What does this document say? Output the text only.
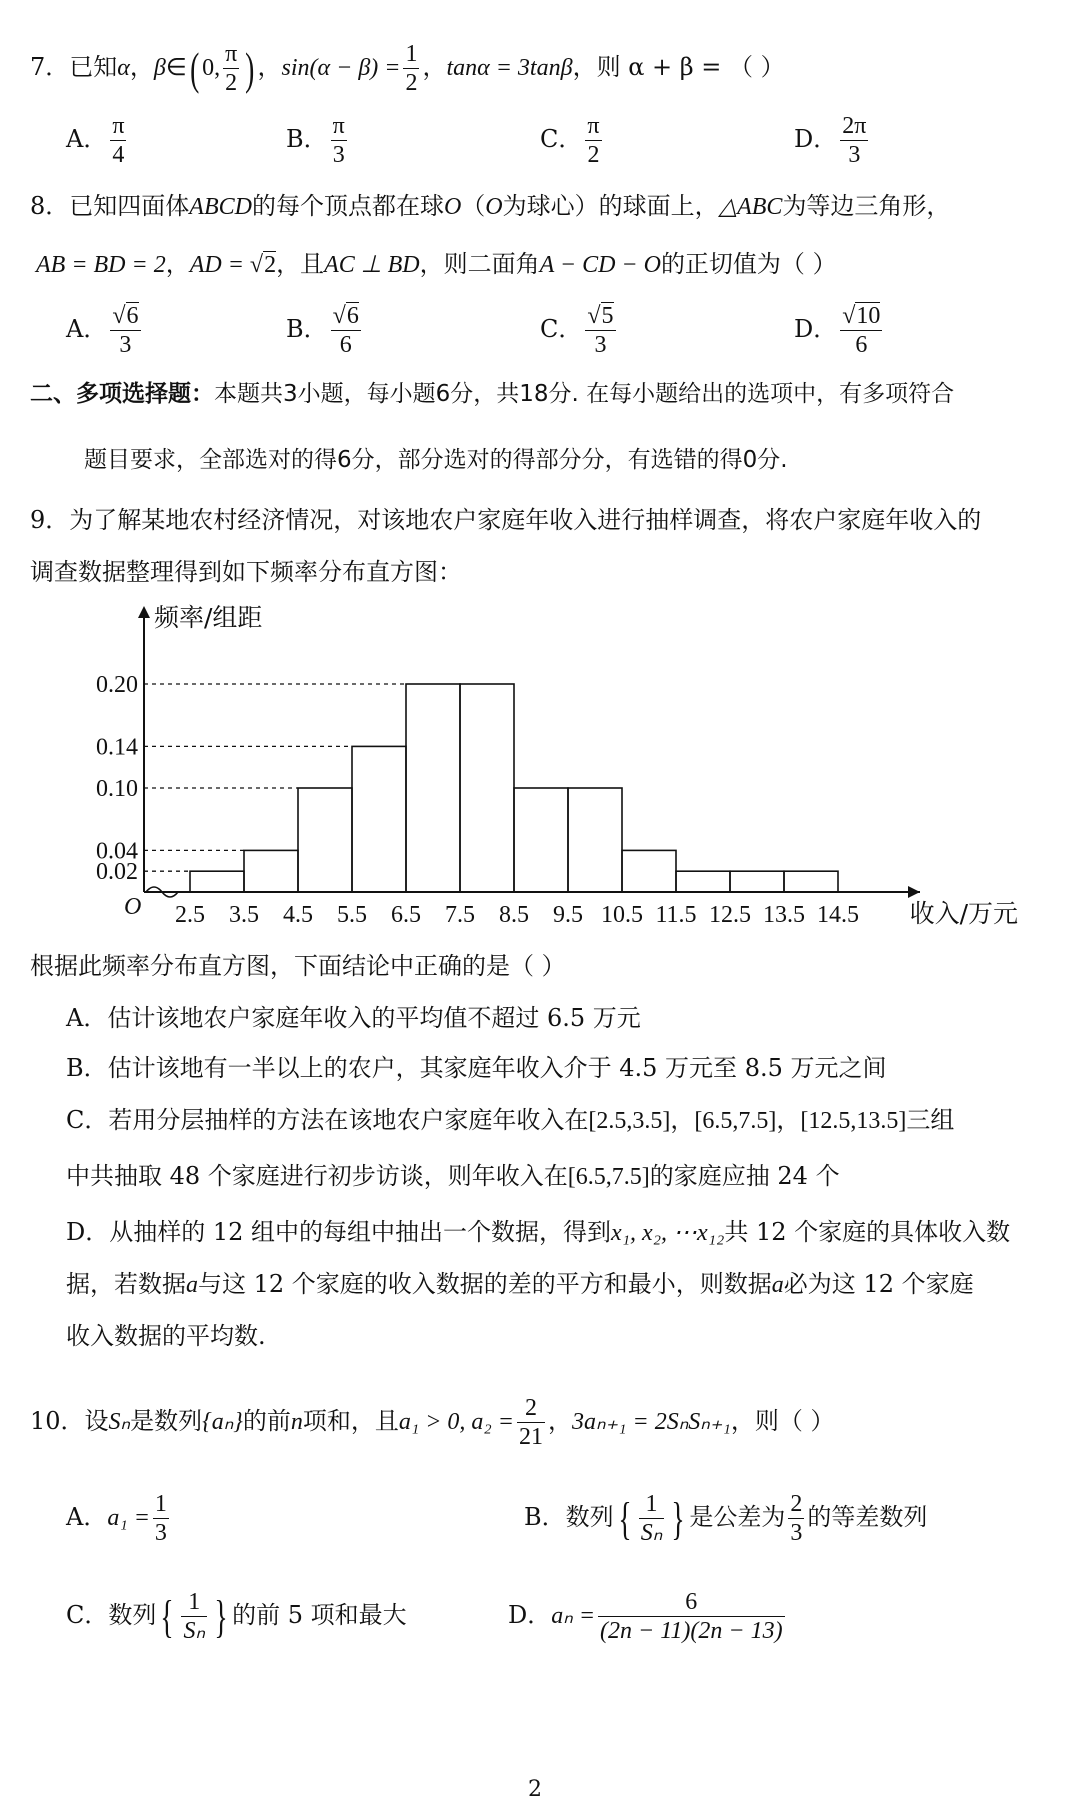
7．已知α，β∈( 0, $\frac{\pi}{2}$ ) ，$\sin(\alpha - \beta) = \frac{1}{2}$ ，tanα = 3tanβ，则 α + β = （ ）
A． $\frac{\pi}{4}$	B． $\frac{\pi}{3}$	C． $\frac{\pi}{2}$	D． $\frac{2\pi}{3}$
8．已知四面体ABCD的每个顶点都在球O（O为球心）的球面上，△ABC为等边三角形，
AB = BD = 2，AD = √2，且AC ⊥ BD，则二面角A − CD − O的正切值为（ ）
A． $\frac{√6}{3}$	B． $\frac{√6}{6}$	C． $\frac{√5}{3}$	D． $\frac{√10}{6}$
二、多项选择题：本题共3小题，每小题6分，共18分. 在每小题给出的选项中，有多项符合
题目要求，全部选对的得6分，部分选对的得部分分，有选错的得0分.
9．为了解某地农村经济情况，对该地农户家庭年收入进行抽样调查，将农户家庭年收入的
调查数据整理得到如下频率分布直方图：
0.02
0.04
0.10
0.14
0.20
2.5 3.5 4.5 5.5 6.5 7.5 8.5 9.5 10.5 11.5 12.5 13.5 14.5
O
频率/组距
收入/万元
根据此频率分布直方图，下面结论中正确的是（ ）
A．估计该地农户家庭年收入的平均值不超过 6.5 万元
B．估计该地有一半以上的农户，其家庭年收入介于 4.5 万元至 8.5 万元之间
C．若用分层抽样的方法在该地农户家庭年收入在[2.5,3.5]，[6.5,7.5]，[12.5,13.5]三组
中共抽取 48 个家庭进行初步访谈，则年收入在[6.5,7.5]的家庭应抽 24 个
D．从抽样的 12 组中的每组中抽出一个数据，得到x₁, x₂, ⋯x₁₂共 12 个家庭的具体收入数
据，若数据a与这 12 个家庭的收入数据的差的平方和最小，则数据a必为这 12 个家庭
收入数据的平均数.
10．设Sₙ是数列{aₙ}的前n项和，且a₁ > 0, $a_2 = \frac{2}{21}$ ，3aₙ₊₁ = 2SₙSₙ₊₁，则（ ）
A．$a_1 = \frac{1}{3}$	B．数列{ $\frac{1}{\text{Sₙ}}$ } 是公差为 $\frac{2}{3}$ 的等差数列
C．数列{ $\frac{1}{\text{Sₙ}}$ } 的前 5 项和最大	D．$a_n = \frac{6}{(2n - 11)(2n - 13)}$
2
